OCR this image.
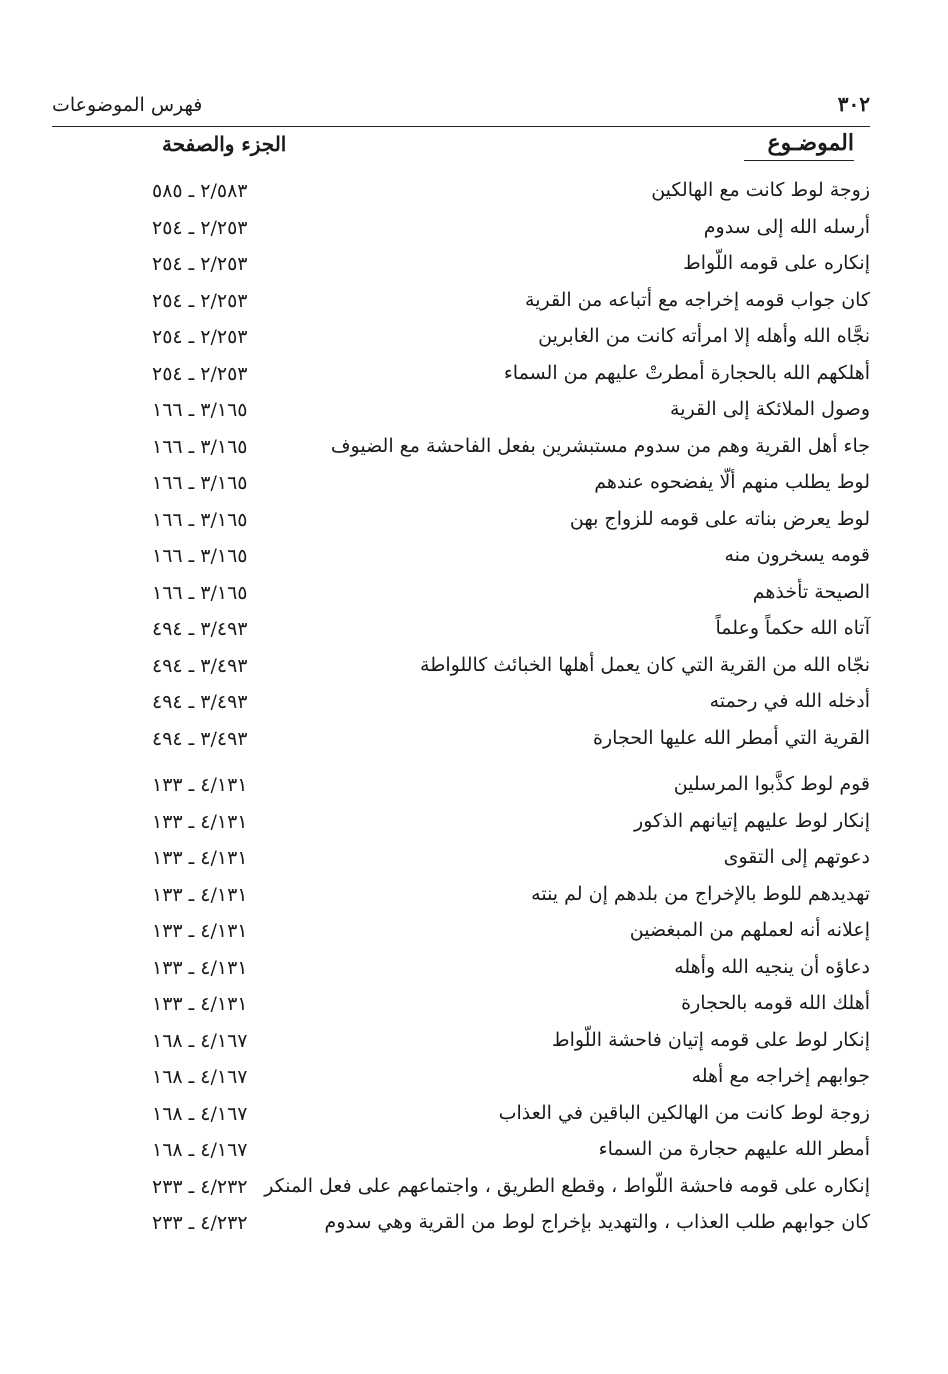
٣٠٢
فهرس الموضوعات
الموضـوع
الجزء والصفحة
زوجة لوط كانت مع الهالكين
٢/٥٨٣ ـ ٥٨٥
أرسله الله إلى سدوم
٢/٢٥٣ ـ ٢٥٤
إنكاره على قومه اللّواط
٢/٢٥٣ ـ ٢٥٤
كان جواب قومه إخراجه مع أتباعه من القرية
٢/٢٥٣ ـ ٢٥٤
نجَّاه الله وأهله إلا امرأته كانت من الغابرين
٢/٢٥٣ ـ ٢٥٤
أهلكهم الله بالحجارة أمطرتْ عليهم من السماء
٢/٢٥٣ ـ ٢٥٤
وصول الملائكة إلى القرية
٣/١٦٥ ـ ١٦٦
جاء أهل القرية وهم من سدوم مستبشرين بفعل الفاحشة مع الضيوف
٣/١٦٥ ـ ١٦٦
لوط يطلب منهم ألّا يفضحوه عندهم
٣/١٦٥ ـ ١٦٦
لوط يعرض بناته على قومه للزواج بهن
٣/١٦٥ ـ ١٦٦
قومه يسخرون منه
٣/١٦٥ ـ ١٦٦
الصيحة تأخذهم
٣/١٦٥ ـ ١٦٦
آتاه الله حكماً وعلماً
٣/٤٩٣ ـ ٤٩٤
نجّاه الله من القرية التي كان يعمل أهلها الخبائث كاللواطة
٣/٤٩٣ ـ ٤٩٤
أدخله الله في رحمته
٣/٤٩٣ ـ ٤٩٤
القرية التي أمطر الله عليها الحجارة
٣/٤٩٣ ـ ٤٩٤
قوم لوط كذَّبوا المرسلين
٤/١٣١ ـ ١٣٣
إنكار لوط عليهم إتيانهم الذكور
٤/١٣١ ـ ١٣٣
دعوتهم إلى التقوى
٤/١٣١ ـ ١٣٣
تهديدهم للوط بالإخراج من بلدهم إن لم ينته
٤/١٣١ ـ ١٣٣
إعلانه أنه لعملهم من المبغضين
٤/١٣١ ـ ١٣٣
دعاؤه أن ينجيه الله وأهله
٤/١٣١ ـ ١٣٣
أهلك الله قومه بالحجارة
٤/١٣١ ـ ١٣٣
إنكار لوط على قومه إتيان فاحشة اللّواط
٤/١٦٧ ـ ١٦٨
جوابهم إخراجه مع أهله
٤/١٦٧ ـ ١٦٨
زوجة لوط كانت من الهالكين الباقين في العذاب
٤/١٦٧ ـ ١٦٨
أمطر الله عليهم حجارة من السماء
٤/١٦٧ ـ ١٦٨
إنكاره على قومه فاحشة اللّواط ، وقطع الطريق ، واجتماعهم على فعل المنكر
٤/٢٣٢ ـ ٢٣٣
كان جوابهم طلب العذاب ، والتهديد بإخراج لوط من القرية وهي سدوم
٤/٢٣٢ ـ ٢٣٣
